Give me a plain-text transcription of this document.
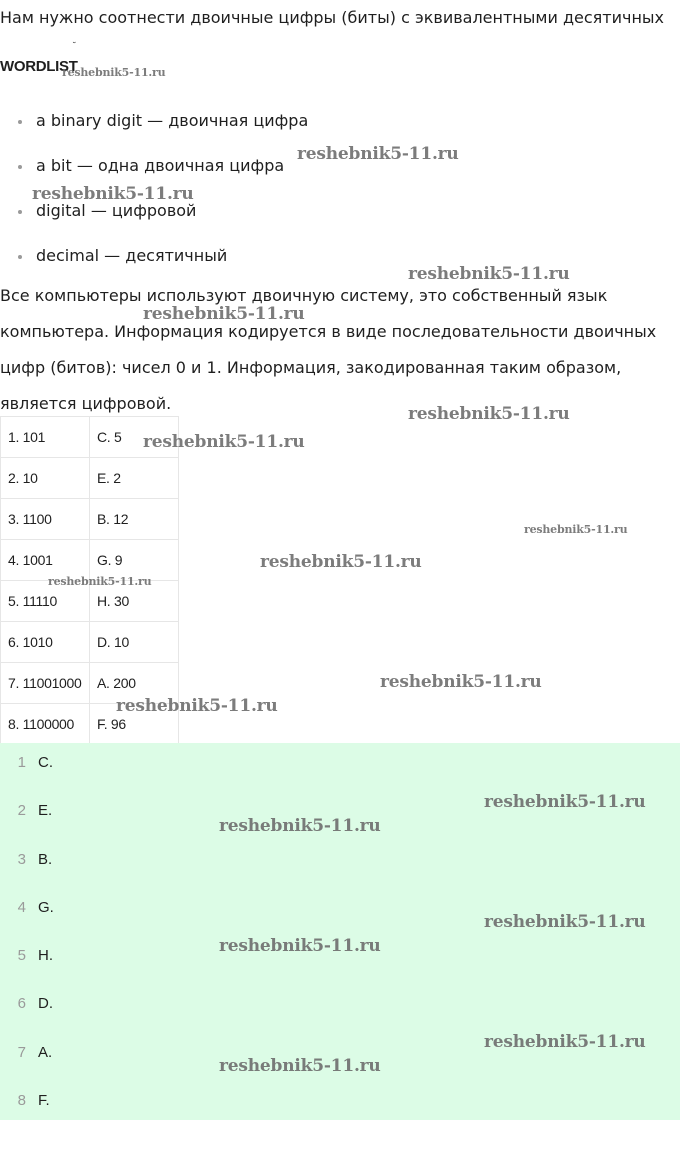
Нам нужно соотнести двоичные цифры (биты) с эквивалентными десятичных
˘
WORDLIST
a binary digit — двоичная цифра
a bit — одна двоичная цифра
digital — цифровой
decimal — десятичный
Все компьютеры используют двоичную систему, это собственный язык компьютера. Информация кодируется в виде последовательности двоичных цифр (битов): чисел 0 и 1. Информация, закодированная таким образом, является цифровой.
1. 101	C. 5
2. 10	E. 2
3. 1100	B. 12
4. 1001	G. 9
5. 11110	H. 30
6. 1010	D. 10
7. 11001000	A. 200
8. 1100000	F. 96
1 C.
2 E.
3 B.
4 G.
5 H.
6 D.
7 A.
8 F.
reshebnik5-11.ru
reshebnik5-11.ru
reshebnik5-11.ru
reshebnik5-11.ru
reshebnik5-11.ru
reshebnik5-11.ru
reshebnik5-11.ru
reshebnik5-11.ru
reshebnik5-11.ru
reshebnik5-11.ru
reshebnik5-11.ru
reshebnik5-11.ru
reshebnik5-11.ru
reshebnik5-11.ru
reshebnik5-11.ru
reshebnik5-11.ru
reshebnik5-11.ru
reshebnik5-11.ru
